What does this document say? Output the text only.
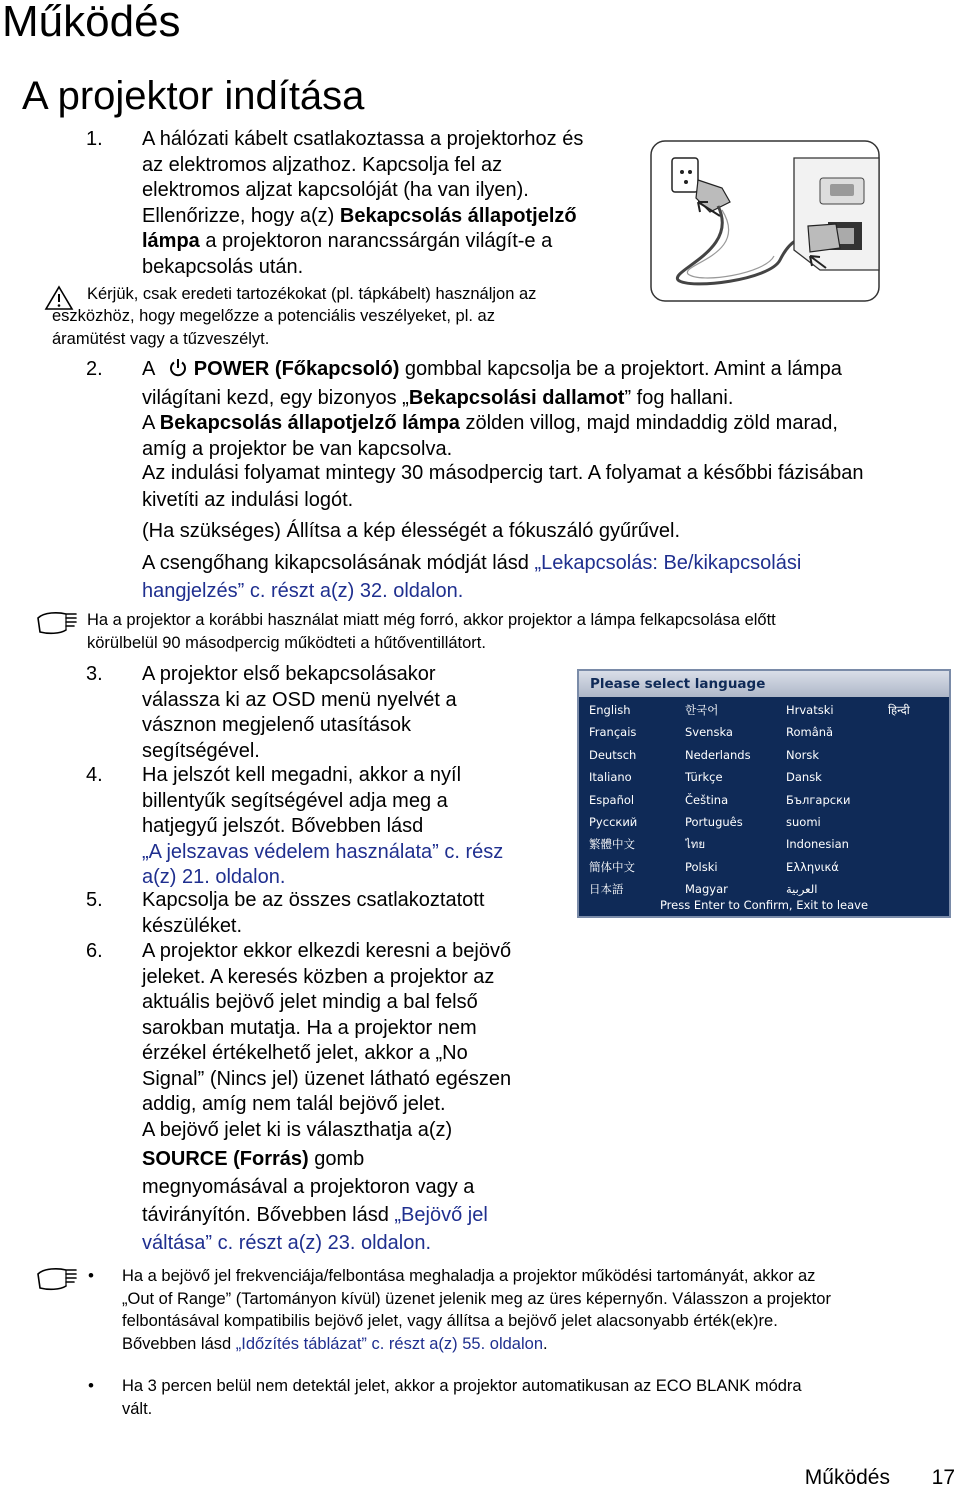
Működés
A projektor indítása
1. A hálózati kábelt csatlakoztassa a projektorhoz és
az elektromos aljzathoz. Kapcsolja fel az
elektromos aljzat kapcsolóját (ha van ilyen).
Ellenőrizze, hogy a(z) Bekapcsolás állapotjelző
lámpa a projektoron narancssárgán világít-e a
bekapcsolás után.
Kérjük, csak eredeti tartozékokat (pl. tápkábelt) használjon az
eszközhöz, hogy megelőzze a potenciális veszélyeket, pl. az
áramütést vagy a tűzveszélyt.
2. A POWER (Főkapcsoló) gombbal kapcsolja be a projektort. Amint a lámpa
világítani kezd, egy bizonyos „Bekapcsolási dallamot” fog hallani.
A Bekapcsolás állapotjelző lámpa zölden villog, majd mindaddig zöld marad,
amíg a projektor be van kapcsolva.
Az indulási folyamat mintegy 30 másodpercig tart. A folyamat a későbbi fázisában
kivetíti az indulási logót.
(Ha szükséges) Állítsa a kép élességét a fókuszáló gyűrűvel.
A csengőhang kikapcsolásának módját lásd „Lekapcsolás: Be/kikapcsolási
hangjelzés” c. részt a(z) 32. oldalon.
Ha a projektor a korábbi használat miatt még forró, akkor projektor a lámpa felkapcsolása előtt
körülbelül 90 másodpercig működteti a hűtőventillátort.
3. A projektor első bekapcsolásakor
válassza ki az OSD menü nyelvét a
vásznon megjelenő utasítások
segítségével.
4. Ha jelszót kell megadni, akkor a nyíl
billentyűk segítségével adja meg a
hatjegyű jelszót. Bővebben lásd
„A jelszavas védelem használata” c. rész
a(z) 21. oldalon.
5. Kapcsolja be az összes csatlakoztatott
készüléket.
6. A projektor ekkor elkezdi keresni a bejövő
jeleket. A keresés közben a projektor az
aktuális bejövő jelet mindig a bal felső
sarokban mutatja. Ha a projektor nem
érzékel értékelhető jelet, akkor a „No
Signal” (Nincs jel) üzenet látható egészen
addig, amíg nem talál bejövő jelet.
A bejövő jelet ki is választhatja a(z)
SOURCE (Forrás) gomb
megnyomásával a projektoron vagy a
távirányítón. Bővebben lásd „Bejövő jel
váltása” c. részt a(z) 23. oldalon.
Please select language
English	한국어	Hrvatski	हिन्दी
Français	Svenska	Română
Deutsch	Nederlands	Norsk
Italiano	Türkçe	Dansk
Español	Čeština	Български
Русский	Português	suomi
繁體中文	ไทย	Indonesian
簡体中文	Polski	Ελληνικά
日本語	Magyar	العربية
Press Enter to Confirm, Exit to leave
• Ha a bejövő jel frekvenciája/felbontása meghaladja a projektor működési tartományát, akkor az
„Out of Range” (Tartományon kívül) üzenet jelenik meg az üres képernyőn. Válasszon a projektor
felbontásával kompatibilis bejövő jelet, vagy állítsa a bejövő jelet alacsonyabb érték(ek)re.
Bővebben lásd „Időzítés táblázat” c. részt a(z) 55. oldalon.
• Ha 3 percen belül nem detektál jelet, akkor a projektor automatikusan az ECO BLANK módra
vált.
Működés 17
